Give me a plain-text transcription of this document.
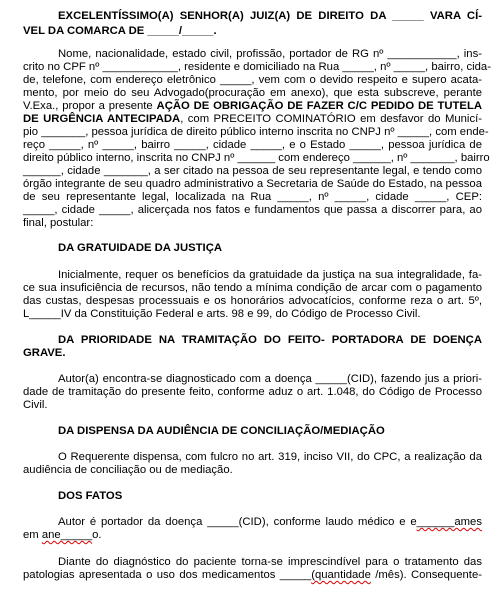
EXCELENTÍSSIMO(A) SENHOR(A) JUIZ(A) DE DIREITO DA _____ VARA CÍ-

VEL DA COMARCA DE _____/_____.

Nome, nacionalidade, estado civil, profissão, portador de RG nº ___________, ins-

crito no CPF nº ____________, residente e domiciliado na Rua _____, nº _____, bairro, cida-

de, telefone, com endereço eletrônico _____, vem com o devido respeito e supero acata-

mento, por meio do seu Advogado(procuração em anexo), que esta subscreve, perante

V.Exa., propor a presente AÇÃO DE OBRIGAÇÃO DE FAZER C/C PEDIDO DE TUTELA

DE URGÊNCIA ANTECIPADA, com PRECEITO COMINATÓRIO em desfavor do Municí-

pio _______, pessoa jurídica de direito público interno inscrita no CNPJ nº _____, com ende-

reço _____, nº _____, bairro _____, cidade _____, e o Estado _____, pessoa jurídica de

direito público interno, inscrita no CNPJ nº ______ com endereço ______, nº _______, bairro

______, cidade _______, a ser citado na pessoa de seu representante legal, e tendo como

órgão integrante de seu quadro administrativo a Secretaria de Saúde do Estado, na pessoa

de seu representante legal, localizada na Rua _____, nº _____, cidade _____, CEP:

_____, cidade _____, alicerçada nos fatos e fundamentos que passa a discorrer para, ao

final, postular:

DA GRATUIDADE DA JUSTIÇA

Inicialmente, requer os benefícios da gratuidade da justiça na sua integralidade, fa-

ce sua insuficiência de recursos, não tendo a mínima condição de arcar com o pagamento

das custas, despesas processuais e os honorários advocatícios, conforme reza o art. 5º,

L_____IV da Constituição Federal e arts. 98 e 99, do Código de Processo Civil.

DA PRIORIDADE NA TRAMITAÇÃO DO FEITO- PORTADORA DE DOENÇA

GRAVE.

Autor(a) encontra-se diagnosticado com a doença _____(CID), fazendo jus a priori-

dade de tramitação do presente feito, conforme aduz o art. 1.048, do Código de Processo

Civil.

DA DISPENSA DA AUDIÊNCIA DE CONCILIAÇÃO/MEDIAÇÃO

O Requerente dispensa, com fulcro no art. 319, inciso VII, do CPC, a realização da

audiência de conciliação ou de mediação.

DOS FATOS

Autor é portador da doença _____(CID), conforme laudo médico e e______ames

em ane_____o.

Diante do diagnóstico do paciente torna-se imprescindível para o tratamento das

patologias apresentada o uso dos medicamentos _____(quantidade /mês). Consequente-
